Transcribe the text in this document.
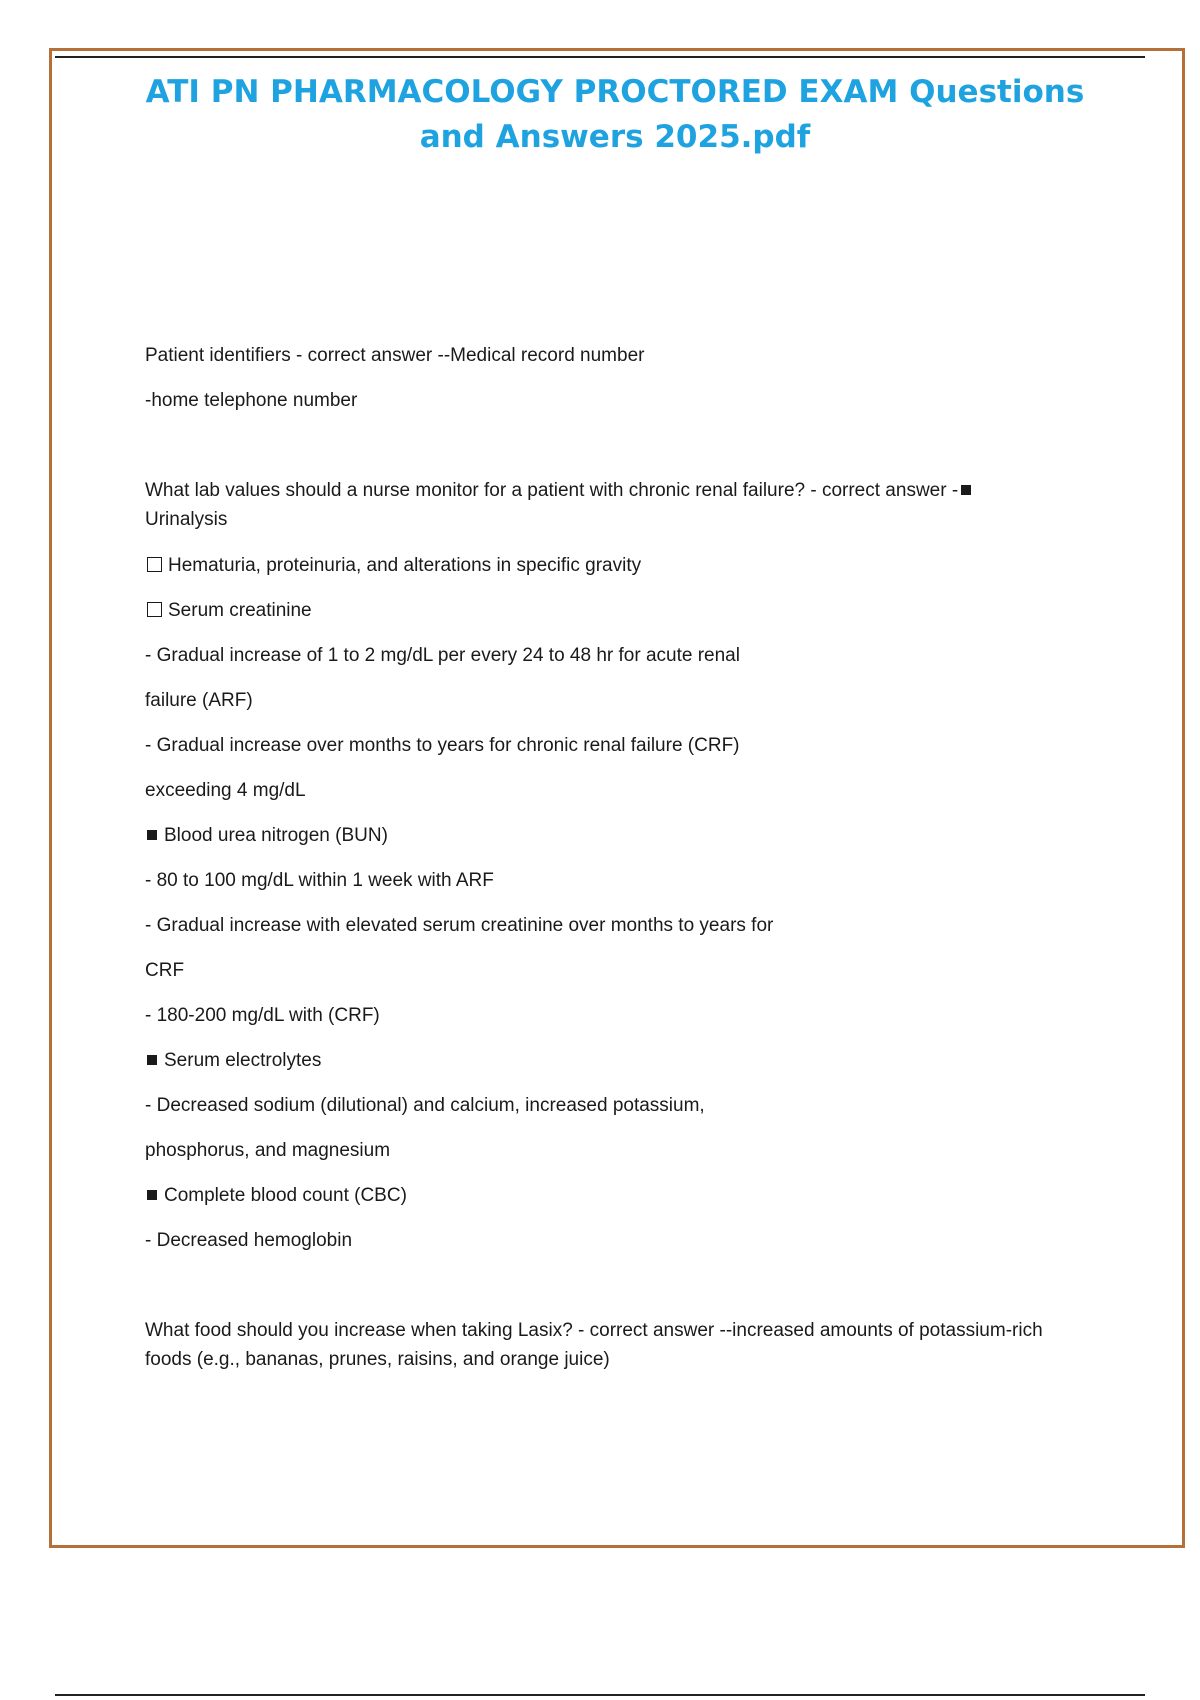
ATI PN PHARMACOLOGY PROCTORED EXAM Questions and Answers 2025.pdf
Patient identifiers - correct answer --Medical record number
-home telephone number
What lab values should a nurse monitor for a patient with chronic renal failure? - correct answer -
Urinalysis
Hematuria, proteinuria, and alterations in specific gravity
Serum creatinine
- Gradual increase of 1 to 2 mg/dL per every 24 to 48 hr for acute renal
failure (ARF)
- Gradual increase over months to years for chronic renal failure (CRF)
exceeding 4 mg/dL
Blood urea nitrogen (BUN)
- 80 to 100 mg/dL within 1 week with ARF
- Gradual increase with elevated serum creatinine over months to years for
CRF
- 180-200 mg/dL with (CRF)
Serum electrolytes
- Decreased sodium (dilutional) and calcium, increased potassium,
phosphorus, and magnesium
Complete blood count (CBC)
- Decreased hemoglobin
What food should you increase when taking Lasix? - correct answer --increased amounts of potassium-rich foods (e.g., bananas, prunes, raisins, and orange juice)
